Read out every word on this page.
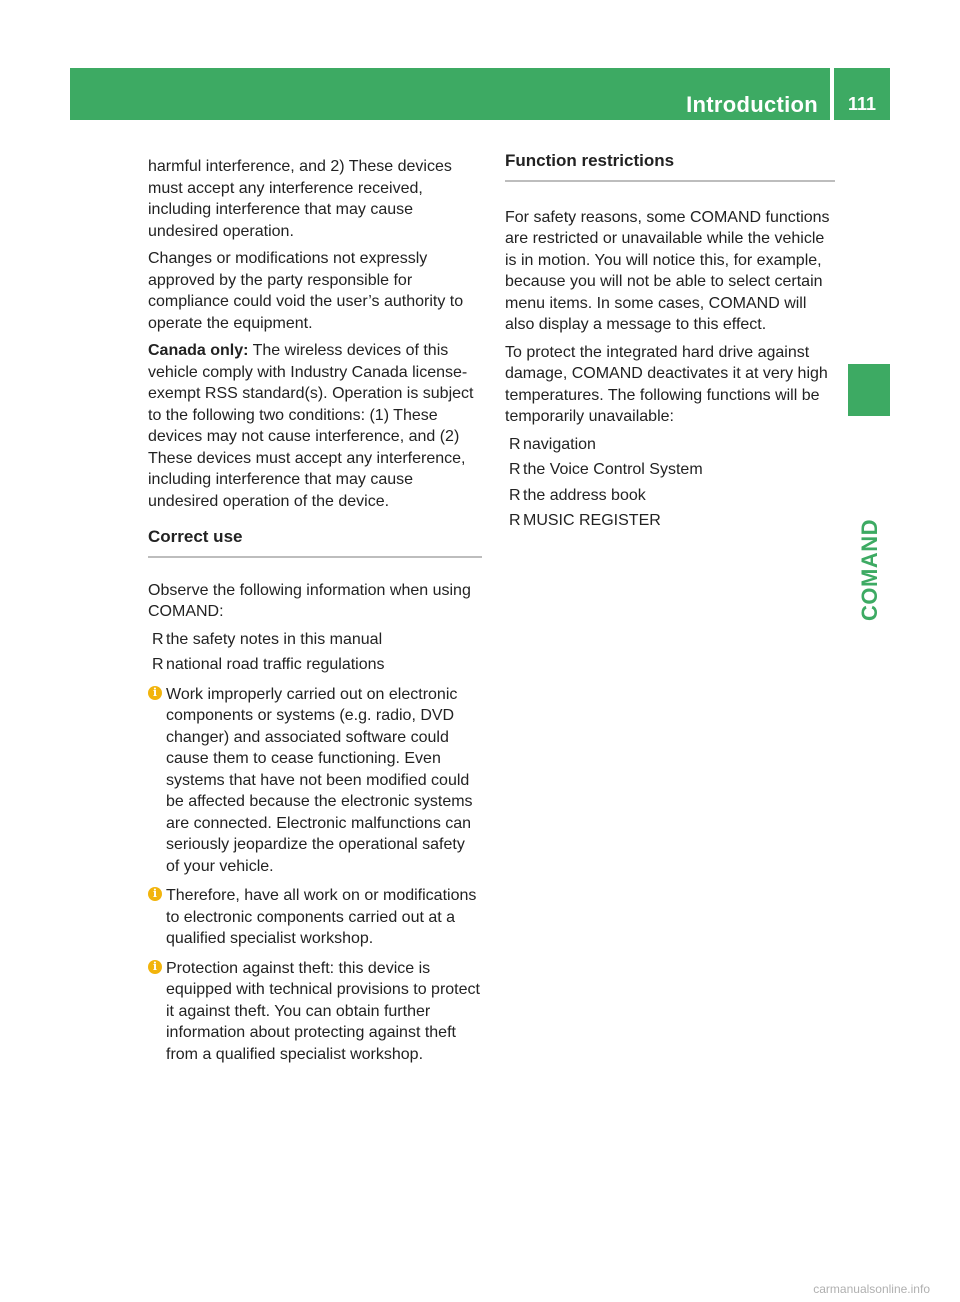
Introduction	111
COMAND

harmful interference, and 2) These devices must accept any interference received, including interference that may cause undesired operation.

Changes or modifications not expressly approved by the party responsible for compliance could void the user’s authority to operate the equipment.

Canada only: The wireless devices of this vehicle comply with Industry Canada license-exempt RSS standard(s). Operation is subject to the following two conditions: (1) These devices may not cause interference, and (2) These devices must accept any interference, including interference that may cause undesired operation of the device.

Correct use

Observe the following information when using COMAND:

R the safety notes in this manual
R national road traffic regulations
i Work improperly carried out on electronic components or systems (e.g. radio, DVD changer) and associated software could cause them to cease functioning. Even systems that have not been modified could be affected because the electronic systems are connected. Electronic malfunctions can seriously jeopardize the operational safety of your vehicle.
i Therefore, have all work on or modifications to electronic components carried out at a qualified specialist workshop.
i Protection against theft: this device is equipped with technical provisions to protect it against theft. You can obtain further information about protecting against theft from a qualified specialist workshop.
Function restrictions

For safety reasons, some COMAND functions are restricted or unavailable while the vehicle is in motion. You will notice this, for example, because you will not be able to select certain menu items. In some cases, COMAND will also display a message to this effect.

To protect the integrated hard drive against damage, COMAND deactivates it at very high temperatures. The following functions will be temporarily unavailable:

R navigation
R the Voice Control System
R the address book
R MUSIC REGISTER
carmanualsonline.info
